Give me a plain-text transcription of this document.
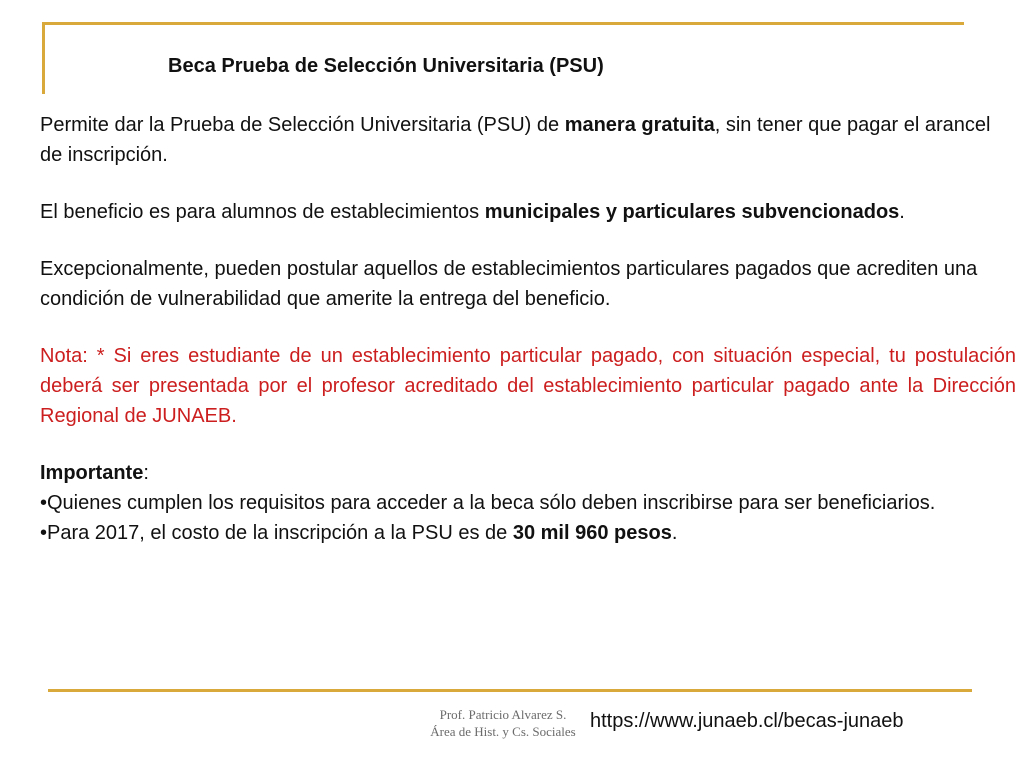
Beca Prueba de Selección Universitaria (PSU)

Permite dar la Prueba de Selección Universitaria (PSU) de manera gratuita, sin tener que pagar el arancel de inscripción.

El beneficio es para alumnos de establecimientos municipales y particulares subvencionados.

Excepcionalmente, pueden postular aquellos de establecimientos particulares pagados que acrediten una condición de vulnerabilidad que amerite la entrega del beneficio.

Nota: * Si eres estudiante de un establecimiento particular pagado, con situación especial, tu postulación deberá ser presentada por el profesor acreditado del establecimiento particular pagado ante la Dirección Regional de JUNAEB.

Importante:

•Quienes cumplen los requisitos para acceder a la beca sólo deben inscribirse para ser beneficiarios.

•Para 2017, el costo de la inscripción a la PSU es de 30 mil 960 pesos.

Prof. Patricio Alvarez S.
Área de Hist. y Cs. Sociales https://www.junaeb.cl/becas-junaeb
